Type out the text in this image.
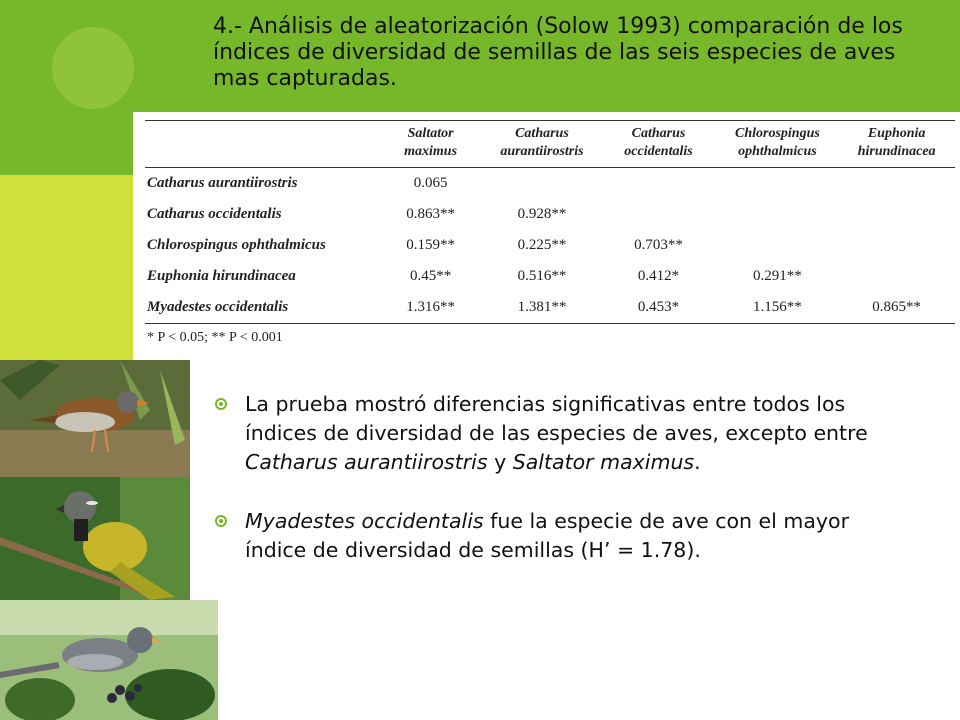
4.- Análisis de aleatorización (Solow 1993) comparación de los índices de diversidad de semillas de las seis especies de aves mas capturadas.
	Saltator maximus	Catharus aurantiirostris	Catharus occidentalis	Chlorospingus ophthalmicus	Euphonia hirundinacea
Catharus aurantiirostris	0.065				
Catharus occidentalis	0.863**	0.928**			
Chlorospingus ophthalmicus	0.159**	0.225**	0.703**		
Euphonia hirundinacea	0.45**	0.516**	0.412*	0.291**	
Myadestes occidentalis	1.316**	1.381**	0.453*	1.156**	0.865**
* P < 0.05; ** P < 0.001
La prueba mostró diferencias significativas entre todos los índices de diversidad de las especies de aves, excepto entre Catharus aurantiirostris y Saltator maximus.
Myadestes occidentalis fue la especie de ave con el mayor índice de diversidad de semillas (H’ = 1.78).
